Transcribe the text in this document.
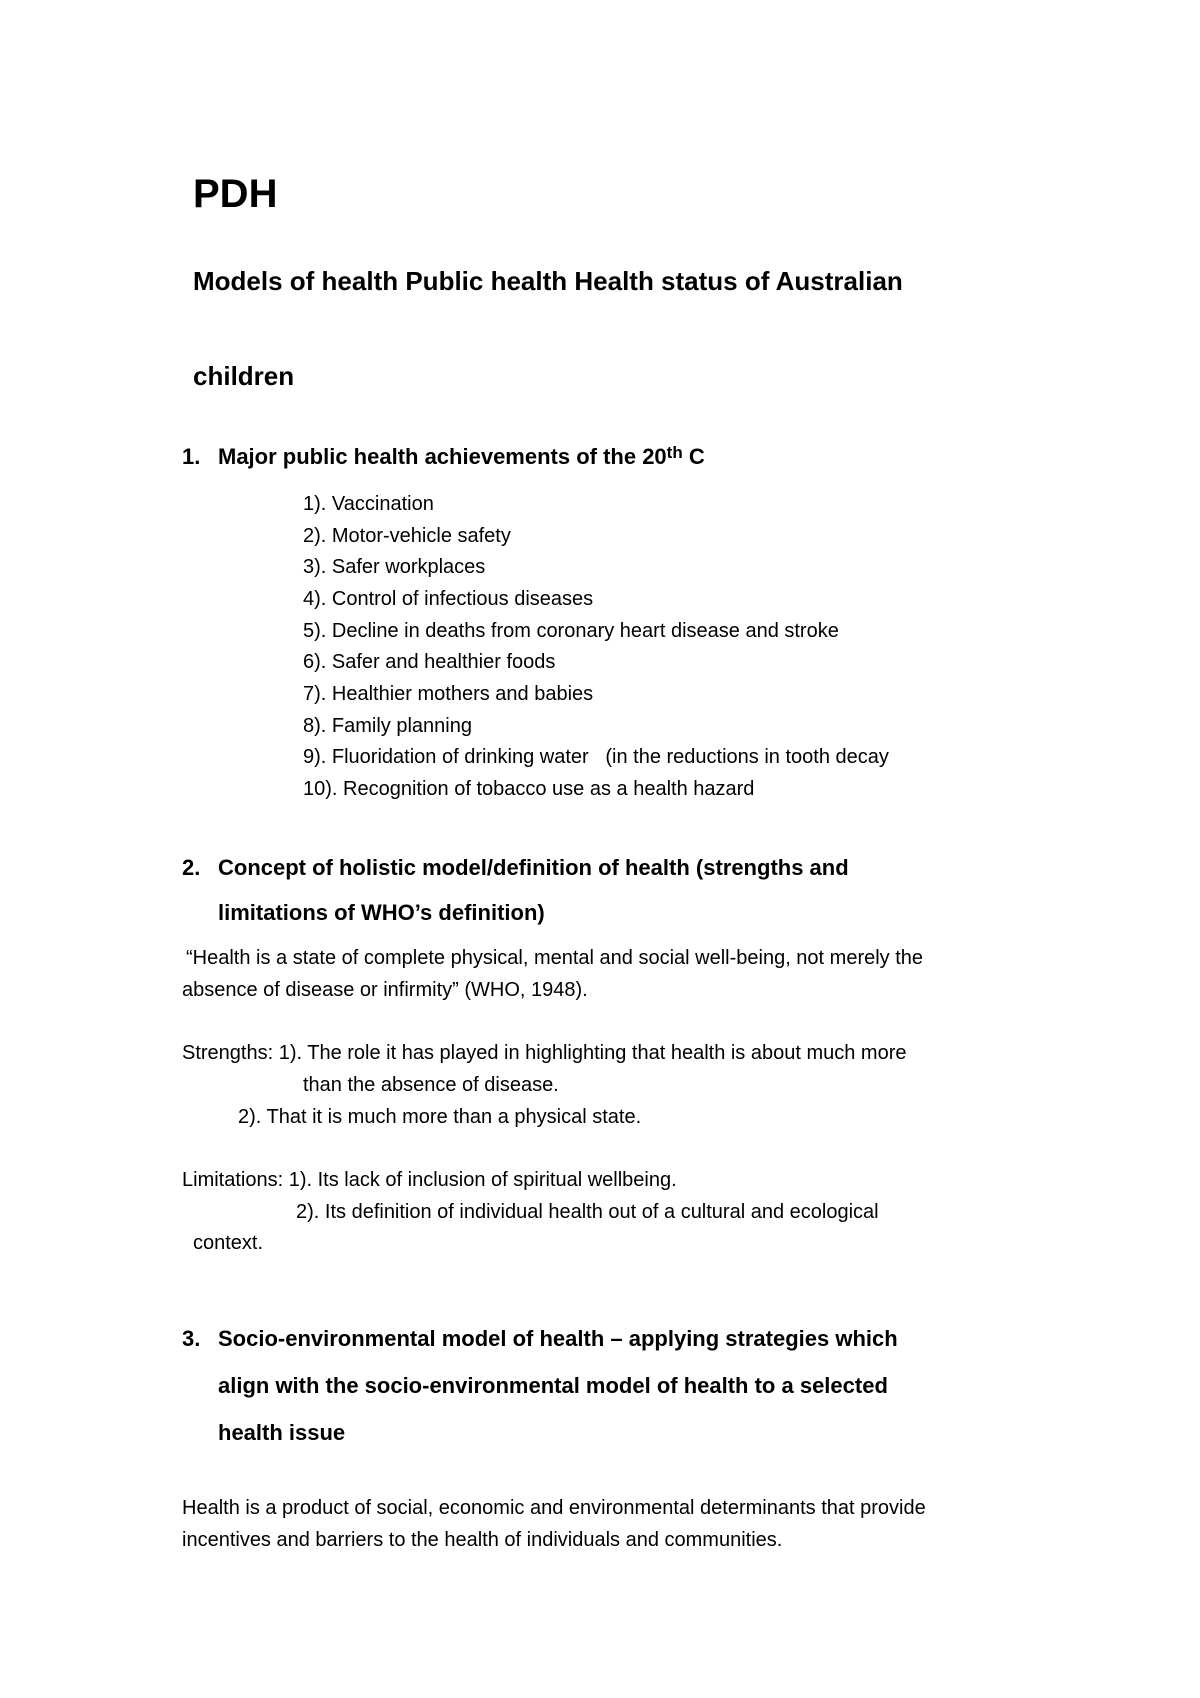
PDH
Models of health Public health Health status of Australian
children
1. Major public health achievements of the 20th C
1). Vaccination
2). Motor-vehicle safety
3). Safer workplaces
4). Control of infectious diseases
5). Decline in deaths from coronary heart disease and stroke
6). Safer and healthier foods
7). Healthier mothers and babies
8). Family planning
9). Fluoridation of drinking water   (in the reductions in tooth decay
10). Recognition of tobacco use as a health hazard
2. Concept of holistic model/definition of health (strengths and
limitations of WHO’s definition)
“Health is a state of complete physical, mental and social well-being, not merely the
absence of disease or infirmity” (WHO, 1948).
Strengths: 1). The role it has played in highlighting that health is about much more
than the absence of disease.
2). That it is much more than a physical state.
Limitations: 1). Its lack of inclusion of spiritual wellbeing.
2). Its definition of individual health out of a cultural and ecological
context.
3. Socio-environmental model of health – applying strategies which
align with the socio-environmental model of health to a selected
health issue
Health is a product of social, economic and environmental determinants that provide
incentives and barriers to the health of individuals and communities.
